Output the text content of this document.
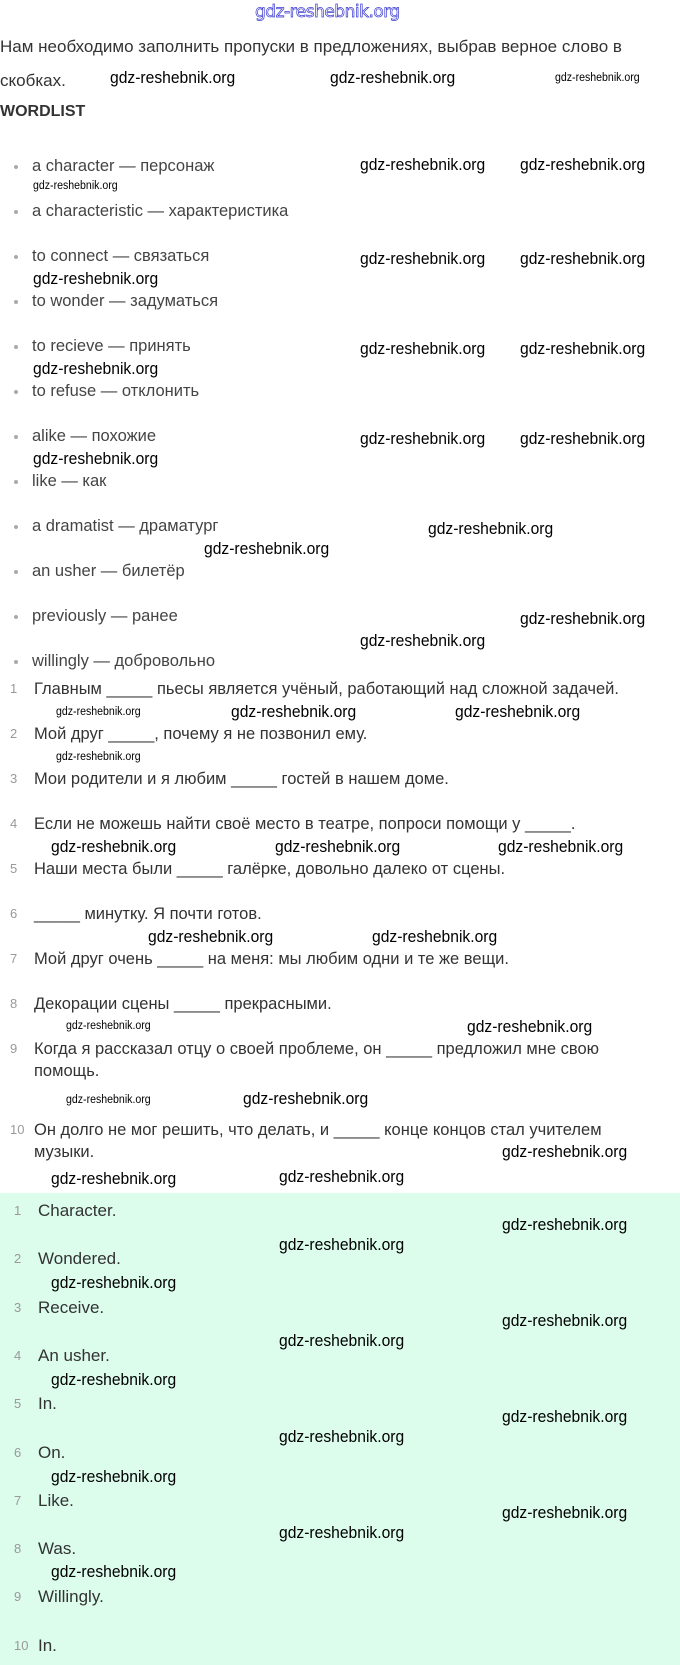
gdz-reshebnik.org
Нам необходимо заполнить пропуски в предложениях, выбрав верное слово в скобках.
WORDLIST
a character — персонаж
a characteristic — характеристика
to connect — связаться
to wonder — задуматься
to recieve — принять
to refuse — отклонить
alike — похожие
like — как
a dramatist — драматург
an usher — билетёр
previously — ранее
willingly — добровольно
1 Главным _____ пьесы является учёный, работающий над сложной задачей.
2 Мой друг _____, почему я не позвонил ему.
3 Мои родители и я любим _____ гостей в нашем доме.
4 Если не можешь найти своё место в театре, попроси помощи у _____.
5 Наши места были _____ галёрке, довольно далеко от сцены.
6 _____ минутку. Я почти готов.
7 Мой друг очень _____ на меня: мы любим одни и те же вещи.
8 Декорации сцены _____ прекрасными.
9 Когда я рассказал отцу о своей проблеме, он _____ предложил мне свою помощь.
10 Он долго не мог решить, что делать, и _____ конце концов стал учителем музыки.
1 Character.
2 Wondered.
3 Receive.
4 An usher.
5 In.
6 On.
7 Like.
8 Was.
9 Willingly.
10 In.
gdz-reshebnik.org	gdz-reshebnik.org	gdz-reshebnik.org
gdz-reshebnik.org gdz-reshebnik.org
gdz-reshebnik.org
gdz-reshebnik.org gdz-reshebnik.org
gdz-reshebnik.org
gdz-reshebnik.org gdz-reshebnik.org
gdz-reshebnik.org
gdz-reshebnik.org gdz-reshebnik.org
gdz-reshebnik.org
gdz-reshebnik.org
gdz-reshebnik.org
gdz-reshebnik.org
gdz-reshebnik.org
gdz-reshebnik.org	gdz-reshebnik.org	gdz-reshebnik.org
gdz-reshebnik.org
gdz-reshebnik.org	gdz-reshebnik.org	gdz-reshebnik.org
gdz-reshebnik.org	gdz-reshebnik.org
gdz-reshebnik.org
gdz-reshebnik.org
gdz-reshebnik.org
gdz-reshebnik.org
gdz-reshebnik.org
gdz-reshebnik.org
gdz-reshebnik.org
gdz-reshebnik.org
gdz-reshebnik.org
gdz-reshebnik.org
gdz-reshebnik.org
gdz-reshebnik.org
gdz-reshebnik.org
gdz-reshebnik.org
gdz-reshebnik.org
gdz-reshebnik.org
gdz-reshebnik.org
gdz-reshebnik.org
gdz-reshebnik.org
